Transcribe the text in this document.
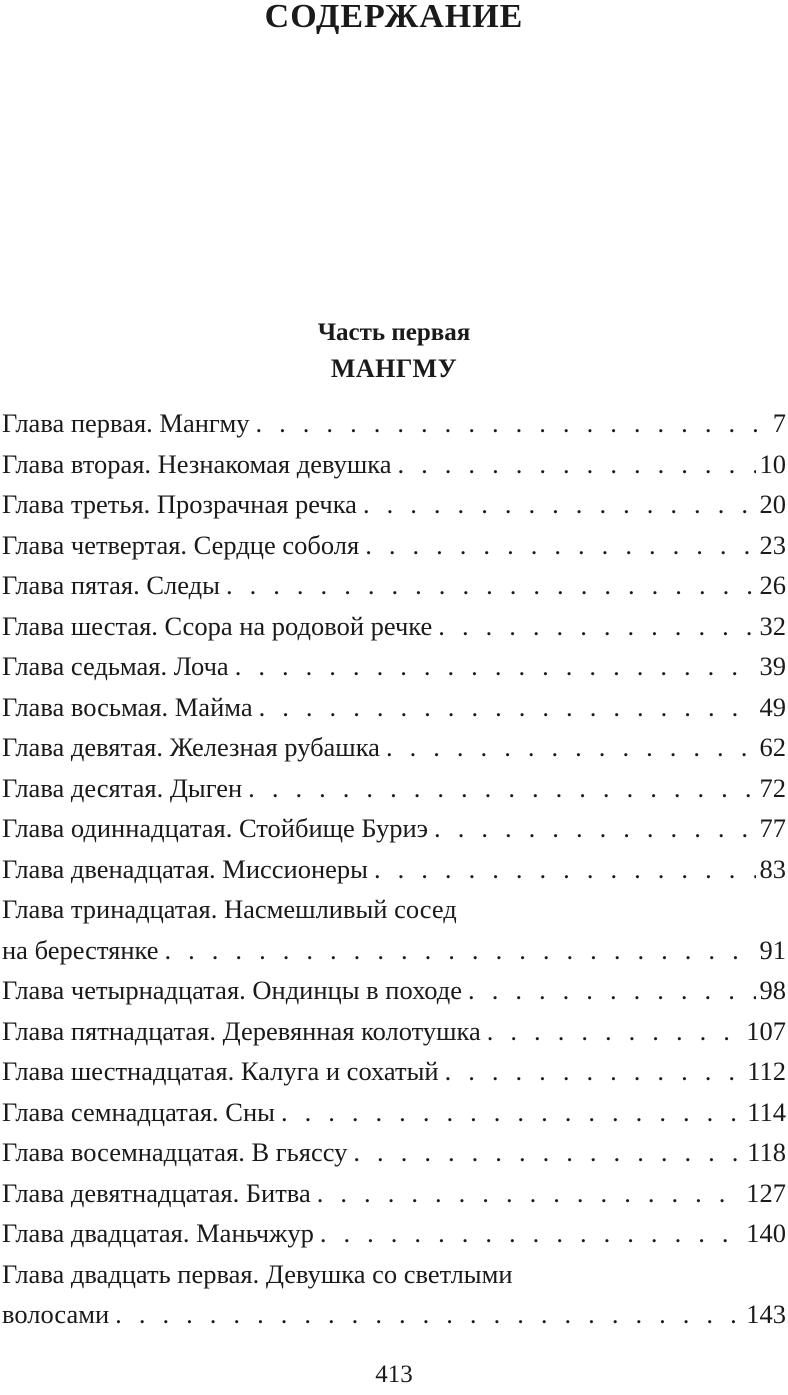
СОДЕРЖАНИЕ
Часть первая
МАНГМУ
Глава первая. Мангму . . .	7
Глава вторая. Незнакомая девушка . . .	10
Глава третья. Прозрачная речка . . .	20
Глава четвертая. Сердце соболя . . .	23
Глава пятая. Следы . . .	26
Глава шестая. Ссора на родовой речке . . .	32
Глава седьмая. Лоча . . .	39
Глава восьмая. Майма . . .	49
Глава девятая. Железная рубашка . . .	62
Глава десятая. Дыген . . .	72
Глава одиннадцатая. Стойбище Буриэ . . .	77
Глава двенадцатая. Миссионеры . . .	83
Глава тринадцатая. Насмешливый сосед
на берестянке . . .	91
Глава четырнадцатая. Ондинцы в походе . . .	98
Глава пятнадцатая. Деревянная колотушка . . .	107
Глава шестнадцатая. Калуга и сохатый . . .	112
Глава семнадцатая. Сны . . .	114
Глава восемнадцатая. В гьяссу . . .	118
Глава девятнадцатая. Битва . . .	127
Глава двадцатая. Маньчжур . . .	140
Глава двадцать первая. Девушка со светлыми
волосами . . .	143
413
